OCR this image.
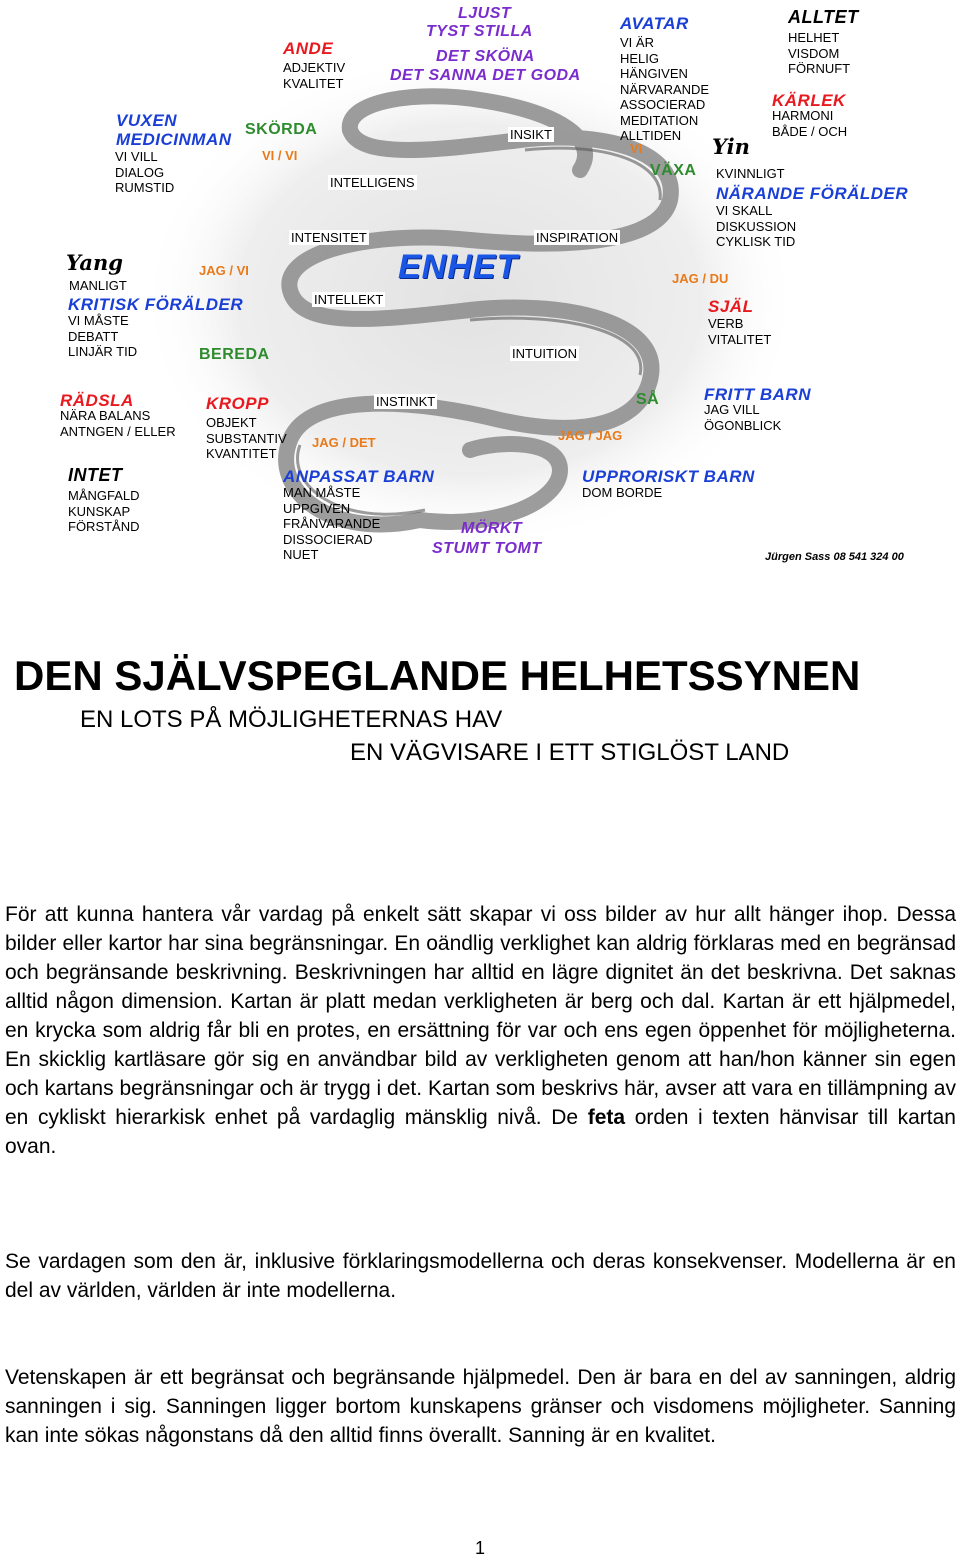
LJUST
TYST STILLA
DET SKÖNA
DET SANNA DET GODA
AVATAR
VI ÄR
HELIG
HÄNGIVEN
NÄRVARANDE
ASSOCIERAD
MEDITATION
ALLTIDEN
ALLTET
HELHET
VISDOM
FÖRNUFT
KÄRLEK
HARMONI
BÅDE / OCH
ANDE
ADJEKTIV
KVALITET
VUXEN
MEDICINMAN
VI VILL
DIALOG
RUMSTID
SKÖRDA
VI / VI
INSIKT
VI	Yin
VÄXA KVINNLIGT
NÄRANDE FÖRÄLDER
VI SKALL
DISKUSSION
CYKLISK TID
INTELLIGENS
INTENSITET	INSPIRATION
ENHET
Yang
MANLIGT
JAG / VI
KRITISK FÖRÄLDER
VI MÅSTE
DEBATT
LINJÄR TID
INTELLEKT
JAG / DU
SJÄL
VERB
VITALITET
BEREDA	INTUITION
RÄDSLA
NÄRA BALANS
ANTNGEN / ELLER
KROPP
OBJEKT
SUBSTANTIV
KVANTITET
INSTINKT
JAG / DET
SÅ	FRITT BARN
JAG VILL
ÖGONBLICK
JAG / JAG
INTET
MÅNGFALD
KUNSKAP
FÖRSTÅND
ANPASSAT BARN
MAN MÅSTE
UPPGIVEN
FRÅNVARANDE
DISSOCIERAD
NUET
UPPRORISKT BARN
DOM BORDE
MÖRKT
STUMT TOMT	Jürgen Sass 08 541 324 00
DEN SJÄLVSPEGLANDE HELHETSSYNEN
EN LOTS PÅ MÖJLIGHETERNAS HAV
EN VÄGVISARE I ETT STIGLÖST LAND
För att kunna hantera vår vardag på enkelt sätt skapar vi oss bilder av hur allt hänger ihop. Dessa bilder eller kartor har sina begränsningar. En oändlig verklighet kan aldrig förklaras med en begränsad och begränsande beskrivning. Beskrivningen har alltid en lägre dignitet än det beskrivna. Det saknas alltid någon dimension. Kartan är platt medan verkligheten är berg och dal. Kartan är ett hjälpmedel, en krycka som aldrig får bli en protes, en ersättning för var och ens egen öppenhet för möjligheterna. En skicklig kartläsare gör sig en användbar bild av verkligheten genom att han/hon känner sin egen och kartans begränsningar och är trygg i det. Kartan som beskrivs här, avser att vara en tillämpning av en cykliskt hierarkisk enhet på vardaglig mänsklig nivå. De feta orden i texten hänvisar till kartan ovan.
Se vardagen som den är, inklusive förklaringsmodellerna och deras konsekvenser. Modellerna är en del av världen, världen är inte modellerna.
Vetenskapen är ett begränsat och begränsande hjälpmedel. Den är bara en del av sanningen, aldrig sanningen i sig. Sanningen ligger bortom kunskapens gränser och visdomens möjligheter. Sanning kan inte sökas någonstans då den alltid finns överallt. Sanning är en kvalitet.
1
